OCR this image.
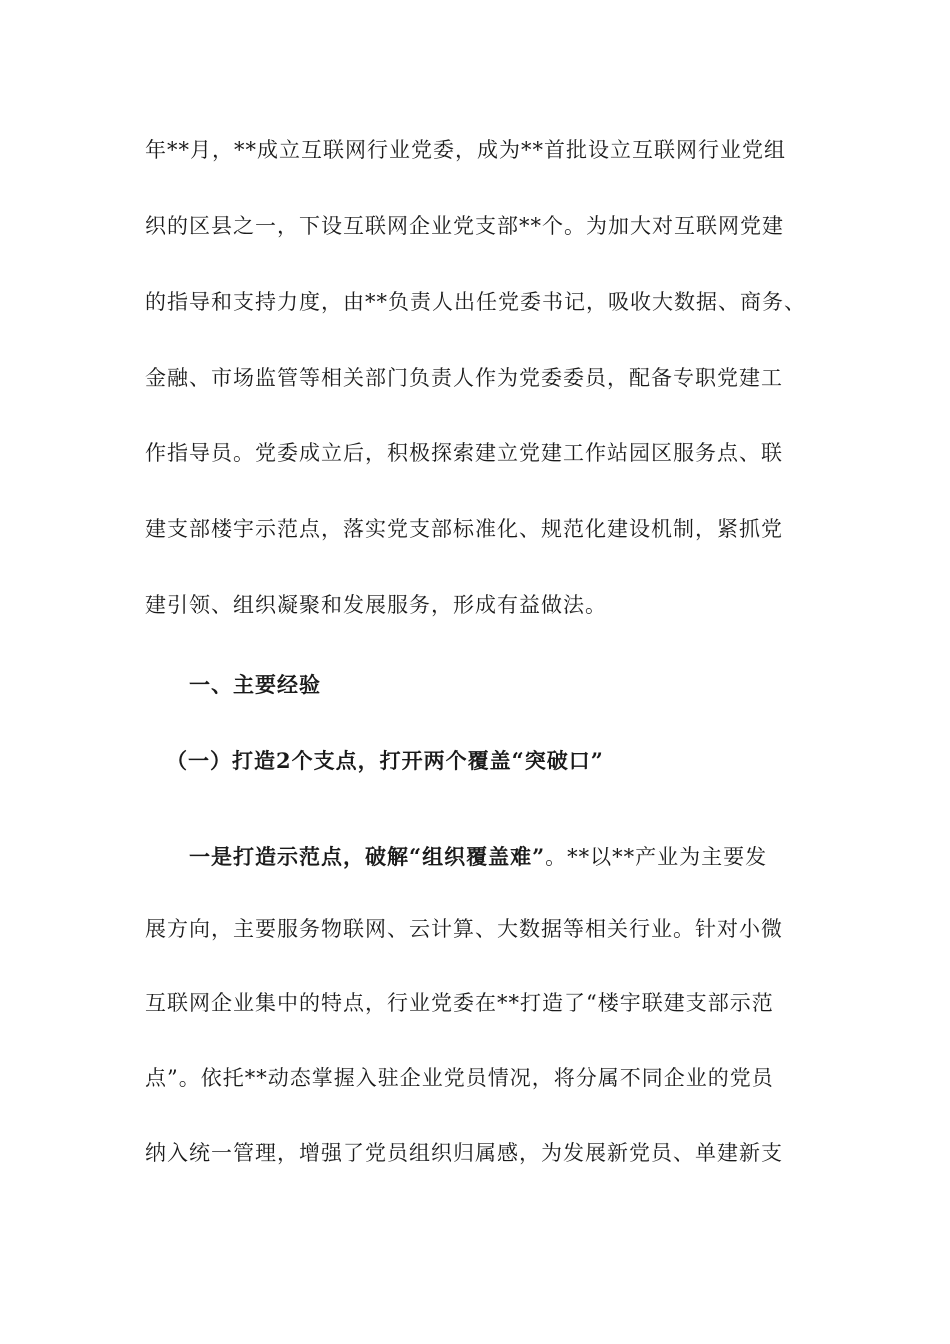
年**月，**成立互联网行业党委，成为**首批设立互联网行业党组
织的区县之一，下设互联网企业党支部**个。为加大对互联网党建
的指导和支持力度，由**负责人出任党委书记，吸收大数据、商务、
金融、市场监管等相关部门负责人作为党委委员，配备专职党建工
作指导员。党委成立后，积极探索建立党建工作站园区服务点、联
建支部楼宇示范点，落实党支部标准化、规范化建设机制，紧抓党
建引领、组织凝聚和发展服务，形成有益做法。
一、主要经验
（一）打造2个支点，打开两个覆盖“突破口”
一是打造示范点，破解“组织覆盖难”。**以**产业为主要发
展方向，主要服务物联网、云计算、大数据等相关行业。针对小微
互联网企业集中的特点，行业党委在**打造了“楼宇联建支部示范
点”。依托**动态掌握入驻企业党员情况，将分属不同企业的党员
纳入统一管理，增强了党员组织归属感，为发展新党员、单建新支
